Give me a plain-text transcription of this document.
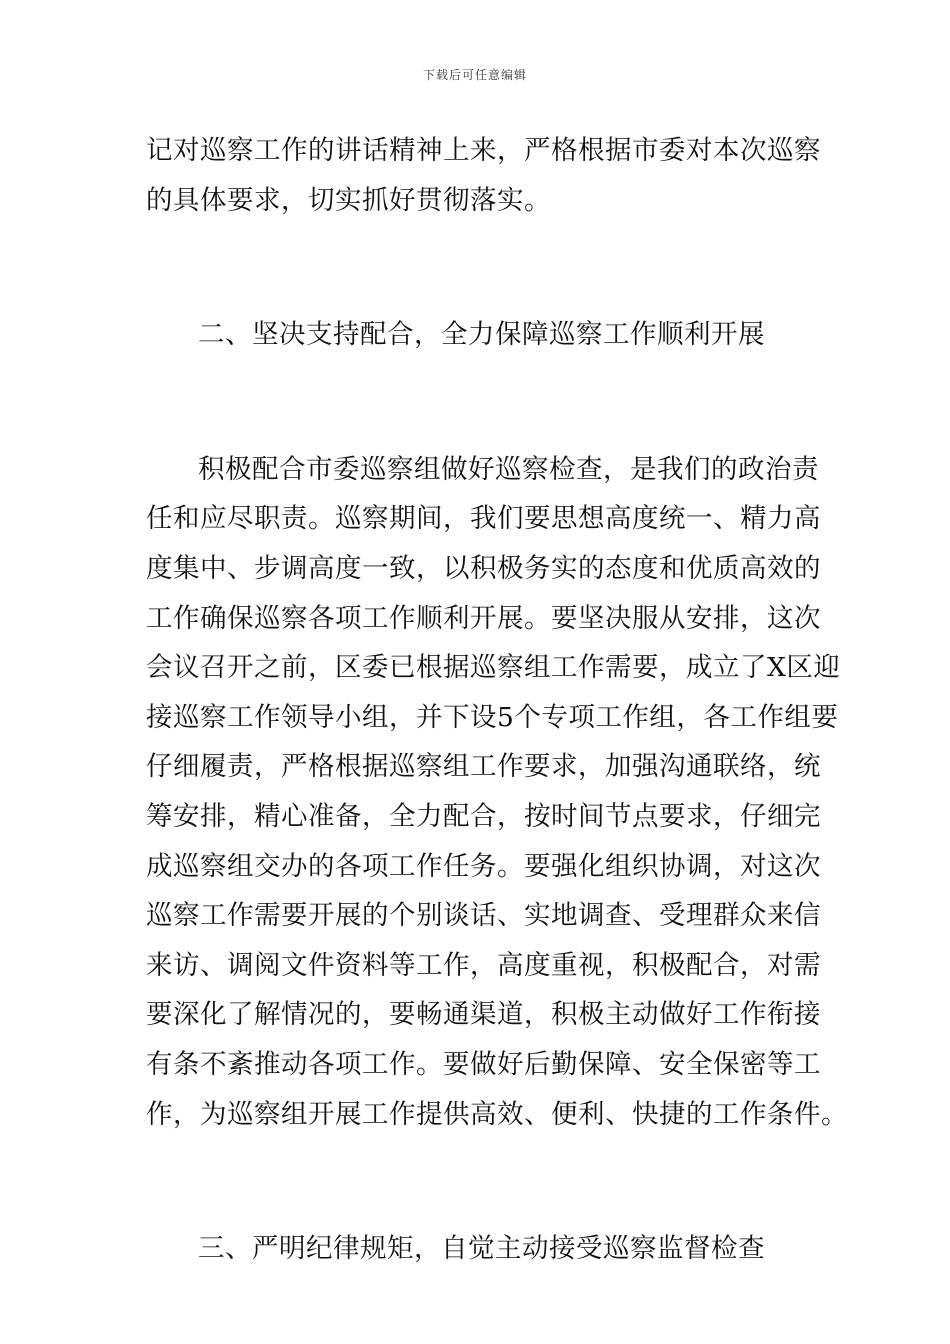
下载后可任意编辑
记对巡察工作的讲话精神上来，严格根据市委对本次巡察
的具体要求，切实抓好贯彻落实。
二、坚决支持配合，全力保障巡察工作顺利开展
积极配合市委巡察组做好巡察检查，是我们的政治责
任和应尽职责。巡察期间，我们要思想高度统一、精力高
度集中、步调高度一致，以积极务实的态度和优质高效的
工作确保巡察各项工作顺利开展。要坚决服从安排，这次
会议召开之前，区委已根据巡察组工作需要，成立了X区迎
接巡察工作领导小组，并下设5个专项工作组，各工作组要
仔细履责，严格根据巡察组工作要求，加强沟通联络，统
筹安排，精心准备，全力配合，按时间节点要求，仔细完
成巡察组交办的各项工作任务。要强化组织协调，对这次
巡察工作需要开展的个别谈话、实地调查、受理群众来信
来访、调阅文件资料等工作，高度重视，积极配合，对需
要深化了解情况的，要畅通渠道，积极主动做好工作衔接
有条不紊推动各项工作。要做好后勤保障、安全保密等工
作，为巡察组开展工作提供高效、便利、快捷的工作条件。
三、严明纪律规矩，自觉主动接受巡察监督检查
